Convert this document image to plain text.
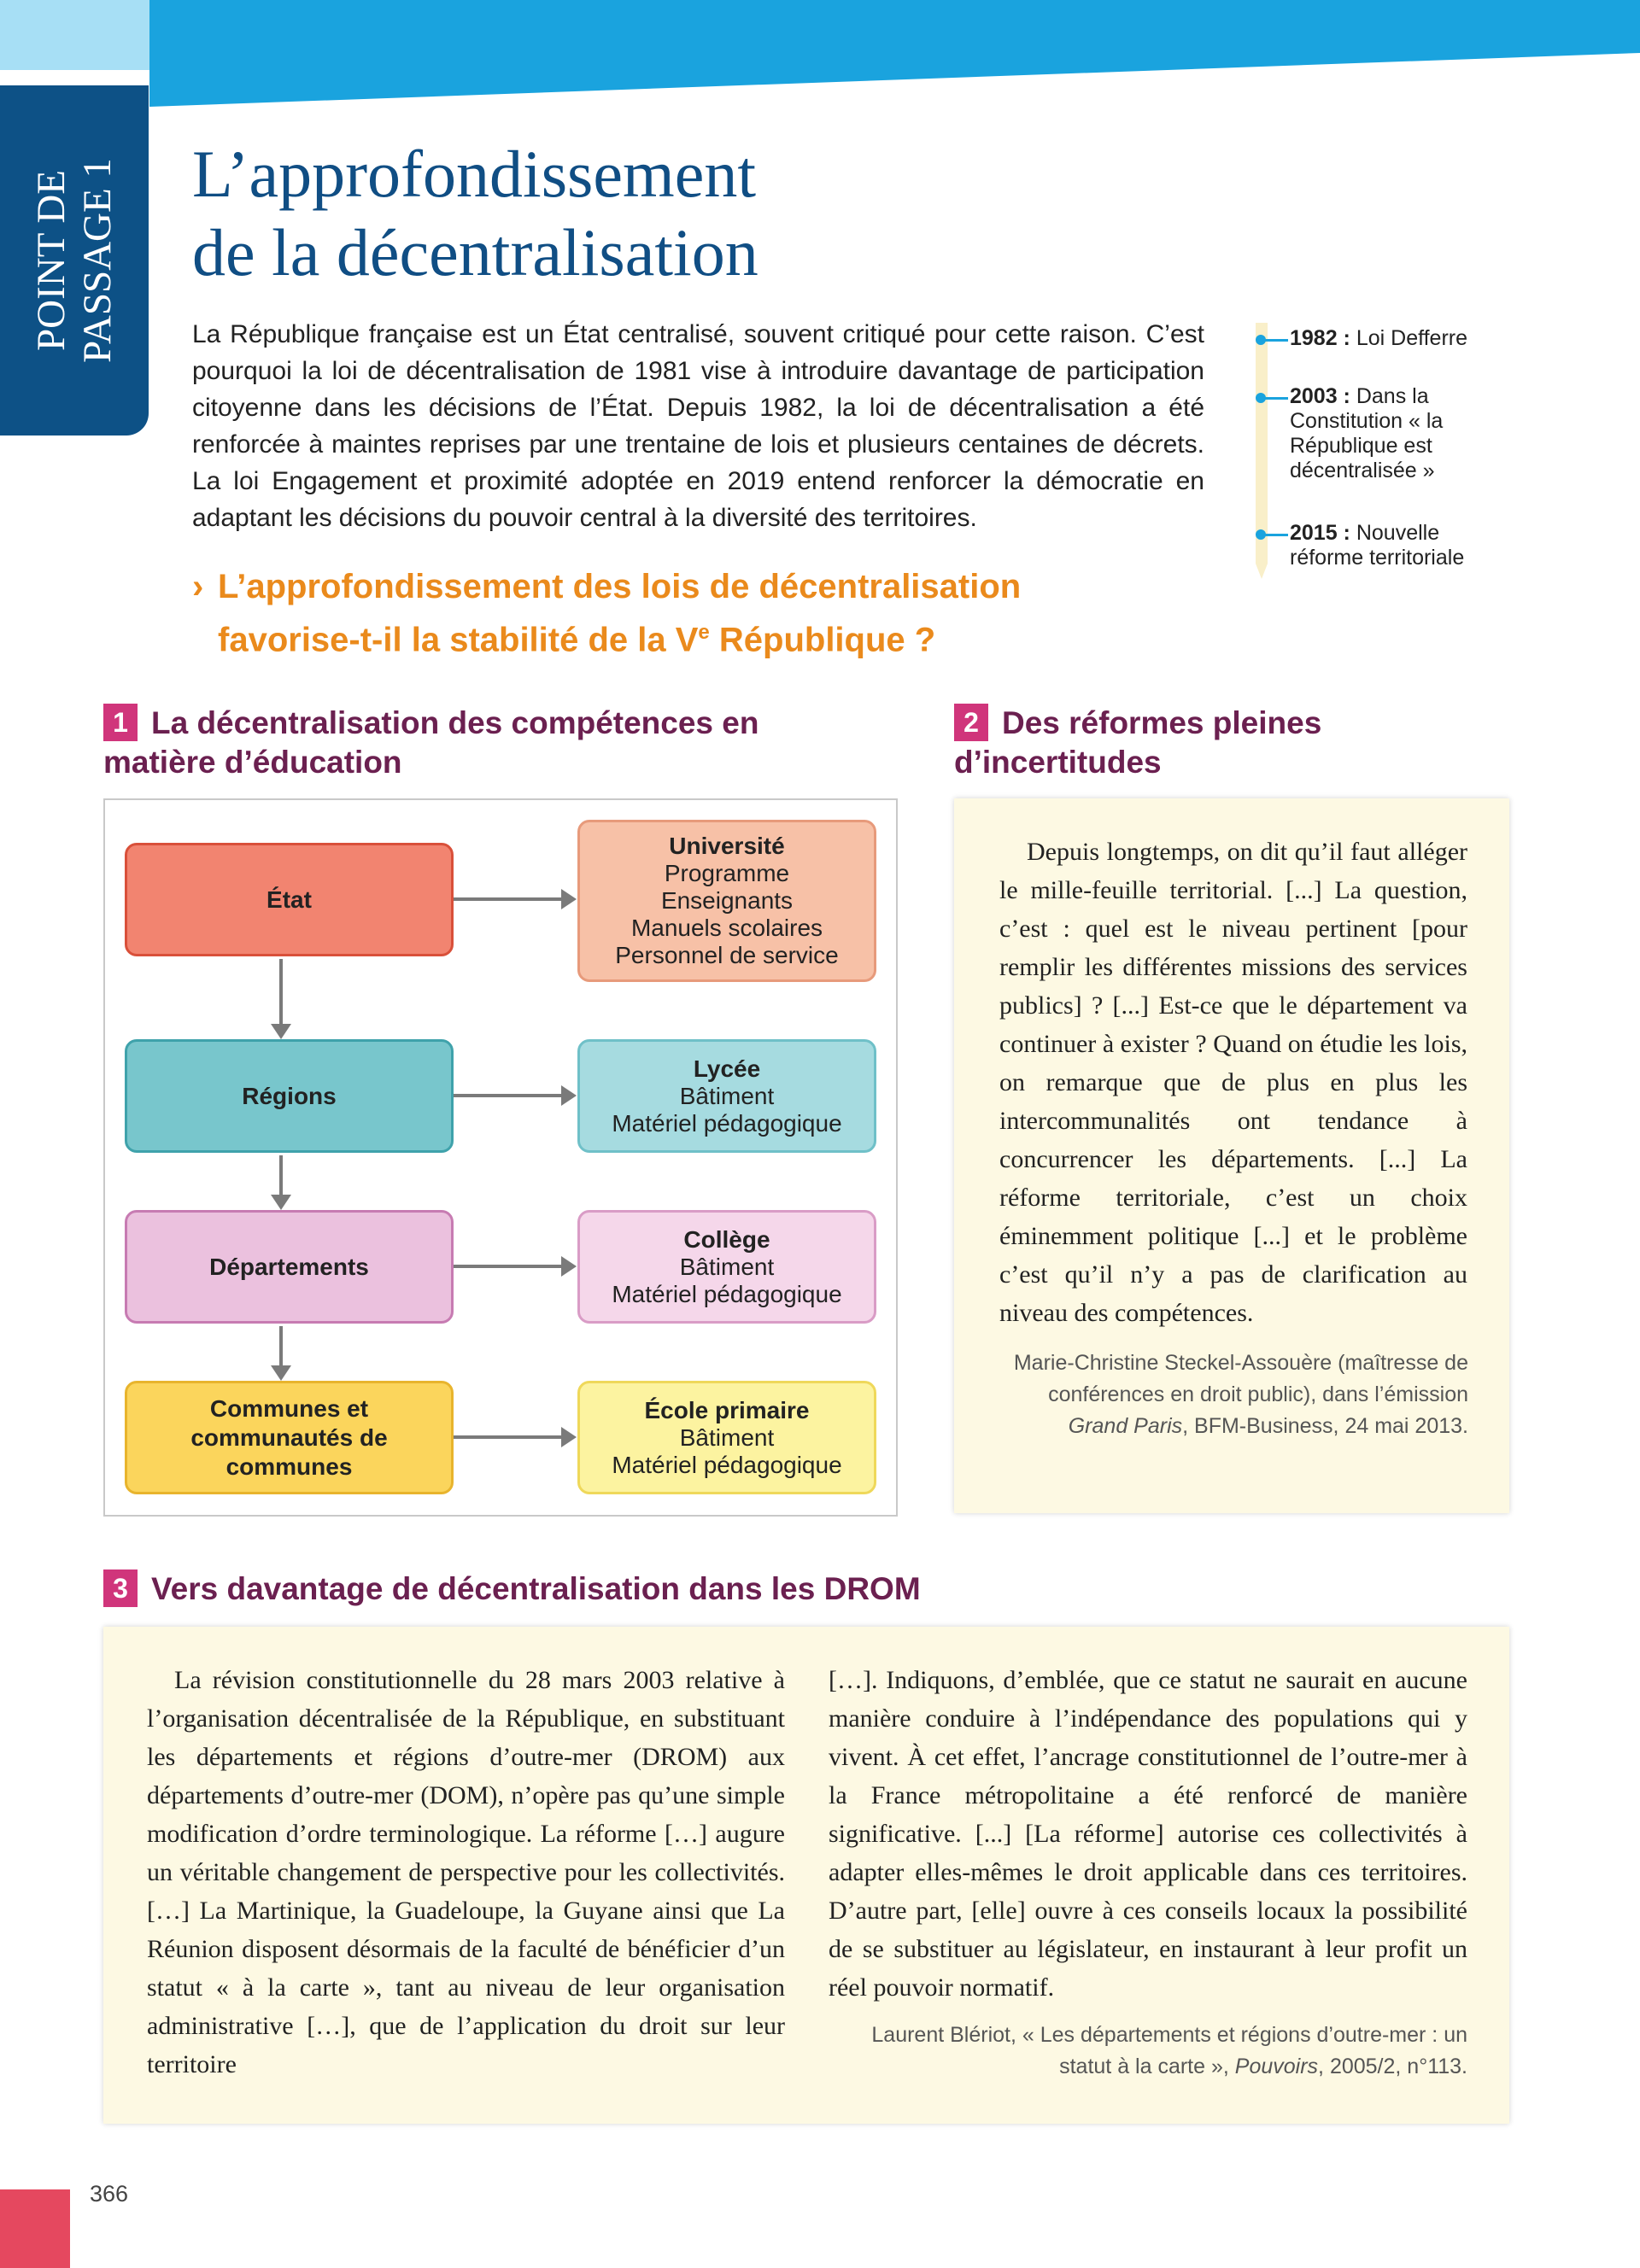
POINT DE PASSAGE 1 L’approfondissement
de la décentralisation

La République française est un État centralisé, souvent critiqué pour cette raison. C’est pourquoi la loi de décentralisation de 1981 vise à introduire davantage de participation citoyenne dans les décisions de l’État. Depuis 1982, la loi de décentralisation a été renforcée à maintes reprises par une trentaine de lois et plusieurs centaines de décrets. La loi Engagement et proximité adoptée en 2019 entend renforcer la démocratie en adaptant les décisions du pouvoir central à la diversité des territoires.

› L’approfondissement des lois de décentralisation favorise-t-il la stabilité de la Ve République ?
1982 : Loi Defferre
2003 : Dans la Constitution « la République est décentralisée »
2015 : Nouvelle réforme territoriale
1 La décentralisation des compétences en matière d’éducation
État
Régions
Départements
Communes et communautés de communes
Université
Programme
Enseignants
Manuels scolaires
Personnel de service
Lycée
Bâtiment
Matériel pédagogique
Collège
Bâtiment
Matériel pédagogique
École primaire
Bâtiment
Matériel pédagogique
2 Des réformes pleines d’incertitudes

Depuis longtemps, on dit qu’il faut alléger le mille-feuille territorial. [...] La question, c’est : quel est le niveau pertinent [pour remplir les différentes missions des services publics] ? [...] Est-ce que le département va continuer à exister ? Quand on étudie les lois, on remarque que de plus en plus les intercommunalités ont tendance à concurrencer les départements. [...] La réforme territoriale, c’est un choix éminemment politique [...] et le problème c’est qu’il n’y a pas de clarification au niveau des compétences.

Marie-Christine Steckel-Assouère (maîtresse de conférences en droit public), dans l’émission Grand Paris, BFM-Business, 24 mai 2013.
3 Vers davantage de décentralisation dans les DROM

La révision constitutionnelle du 28 mars 2003 relative à l’organisation décentralisée de la République, en substituant les départements et régions d’outre-mer (DROM) aux départements d’outre-mer (DOM), n’opère pas qu’une simple modification d’ordre terminologique. La réforme […] augure un véritable changement de perspective pour les collectivités. […] La Martinique, la Guadeloupe, la Guyane ainsi que La Réunion disposent désormais de la faculté de bénéficier d’un statut « à la carte », tant au niveau de leur organisation administrative […], que de l’application du droit sur leur territoire

[…]. Indiquons, d’emblée, que ce statut ne saurait en aucune manière conduire à l’indépendance des populations qui y vivent. À cet effet, l’ancrage constitutionnel de l’outre-mer à la France métropolitaine a été renforcé de manière significative. [...] [La réforme] autorise ces collectivités à adapter elles-mêmes le droit applicable dans ces territoires. D’autre part, [elle] ouvre à ces conseils locaux la possibilité de se substituer au législateur, en instaurant à leur profit un réel pouvoir normatif.

Laurent Blériot, « Les départements et régions d’outre-mer : un statut à la carte », Pouvoirs, 2005/2, n°113.
366
